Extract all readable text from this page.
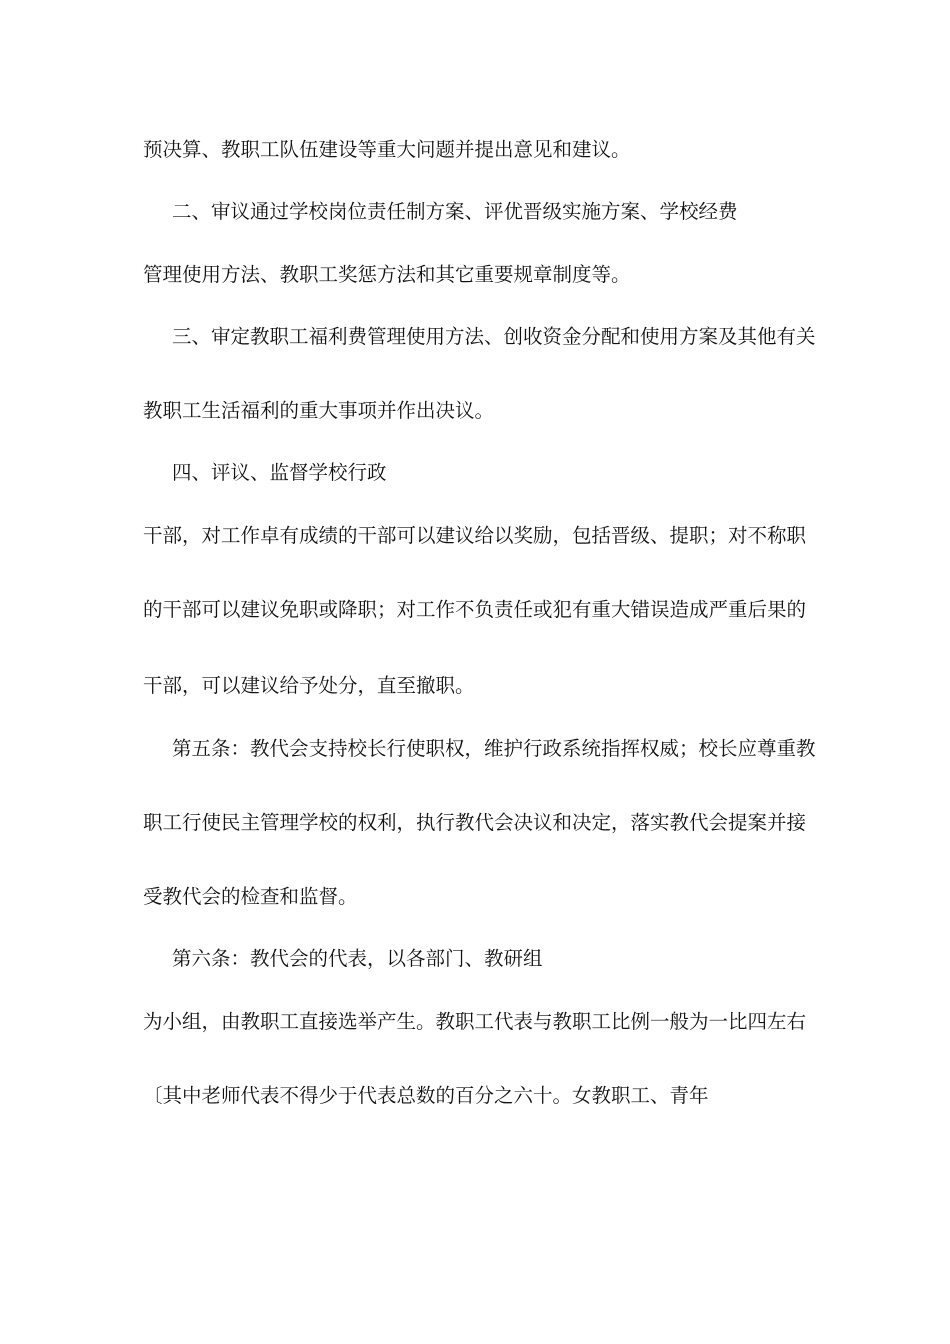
预决算、教职工队伍建设等重大问题并提出意见和建议。
二、审议通过学校岗位责任制方案、评优晋级实施方案、学校经费
管理使用方法、教职工奖惩方法和其它重要规章制度等。
三、审定教职工福利费管理使用方法、创收资金分配和使用方案及其他有关
教职工生活福利的重大事项并作出决议。
四、评议、监督学校行政
干部，对工作卓有成绩的干部可以建议给以奖励，包括晋级、提职；对不称职
的干部可以建议免职或降职；对工作不负责任或犯有重大错误造成严重后果的
干部，可以建议给予处分，直至撤职。
第五条：教代会支持校长行使职权，维护行政系统指挥权威；校长应尊重教
职工行使民主管理学校的权利，执行教代会决议和决定，落实教代会提案并接
受教代会的检查和监督。
第六条：教代会的代表，以各部门、教研组
为小组，由教职工直接选举产生。教职工代表与教职工比例一般为一比四左右
〔其中老师代表不得少于代表总数的百分之六十。女教职工、青年
